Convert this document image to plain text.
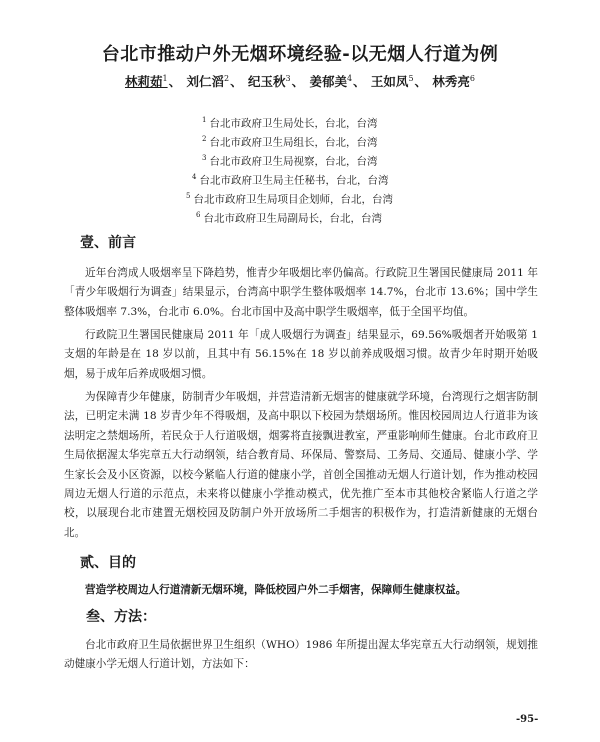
台北市推动户外无烟环境经验-以无烟人行道为例
林莉茹$^1$、 刘仁滔$^2$、 纪玉秋$^3$、 姜郁美$^4$、 王如凤$^5$、 林秀亮$^6$
$^1$ 台北市政府卫生局处长，台北，台湾
$^2$ 台北市政府卫生局组长，台北，台湾
$^3$ 台北市政府卫生局视察，台北，台湾
$^4$ 台北市政府卫生局主任秘书，台北，台湾
$^5$ 台北市政府卫生局项目企划师，台北，台湾
$^6$ 台北市政府卫生局副局长，台北，台湾
壹、前言
近年台湾成人吸烟率呈下降趋势，惟青少年吸烟比率仍偏高。行政院卫生署国民健康局 2011 年「青少年吸烟行为调查」结果显示，台湾高中职学生整体吸烟率 14.7%，台北市 13.6%；国中学生整体吸烟率 7.3%，台北市 6.0%。台北市国中及高中职学生吸烟率，低于全国平均值。
行政院卫生署国民健康局 2011 年「成人吸烟行为调查」结果显示，69.56%吸烟者开始吸第 1 支烟的年龄是在 18 岁以前，且其中有 56.15%在 18 岁以前养成吸烟习惯。故青少年时期开始吸烟，易于成年后养成吸烟习惯。
为保障青少年健康，防制青少年吸烟，并营造清新无烟害的健康就学环境，台湾现行之烟害防制法，已明定未满 18 岁青少年不得吸烟，及高中职以下校园为禁烟场所。惟因校园周边人行道非为该法明定之禁烟场所，若民众于人行道吸烟，烟雾将直接飘进教室，严重影响师生健康。台北市政府卫生局依据渥太华宪章五大行动纲领，结合教育局、环保局、警察局、工务局、交通局、健康小学、学生家长会及小区资源，以校今紧临人行道的健康小学，首创全国推动无烟人行道计划，作为推动校园周边无烟人行道的示范点，未来将以健康小学推动模式，优先推广至本市其他校舍紧临人行道之学校，以展现台北市建置无烟校园及防制户外开放场所二手烟害的积极作为，打造清新健康的无烟台北。
贰、目的
营造学校周边人行道清新无烟环境，降低校园户外二手烟害，保障师生健康权益。
叁、方法：
台北市政府卫生局依据世界卫生组织（WHO）1986 年所提出渥太华宪章五大行动纲领，规划推动健康小学无烟人行道计划，方法如下：
-95-
